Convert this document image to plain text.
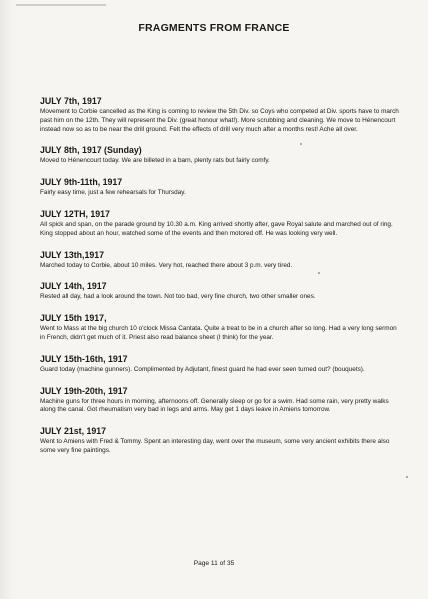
FRAGMENTS FROM FRANCE

JULY 7th, 1917

Movement to Corbie cancelled as the King is coming to review the 5th Div. so Coys who competed at Div. sports have to march past him on the 12th. They will represent the Div. (great honour what!). More scrubbing and cleaning. We move to Hénencourt instead now so as to be near the drill ground. Felt the effects of drill very much after a months rest! Ache all over.

JULY 8th, 1917 (Sunday)

Moved to Hénencourt today. We are billeted in a barn, plenty rats but fairly comfy.

JULY 9th-11th, 1917

Fairly easy time, just a few rehearsals for Thursday.

JULY 12TH, 1917

All spick and span, on the parade ground by 10.30 a.m. King arrived shortly after, gave Royal salute and marched out of ring. King stopped about an hour, watched some of the events and then motored off. He was looking very well.

JULY 13th,1917

Marched today to Corbie, about 10 miles. Very hot, reached there about 3 p.m. very tired.

JULY 14th, 1917

Rested all day, had a look around the town. Not too bad, very fine church, two other smaller ones.

JULY 15th 1917,

Went to Mass at the big church 10 o'clock Missa Cantata. Quite a treat to be in a church after so long. Had a very long sermon in French, didn't get much of it. Priest also read balance sheet (I think) for the year.

JULY 15th-16th, 1917

Guard today (machine gunners). Complimented by Adjutant, finest guard he had ever seen turned out? (bouquets).

JULY 19th-20th, 1917

Machine guns for three hours in morning, afternoons off. Generally sleep or go for a swim. Had some rain, very pretty walks along the canal. Got rheumatism very bad in legs and arms. May get 1 days leave in Amiens tomorrow.

JULY 21st, 1917

Went to Amiens with Fred & Tommy. Spent an interesting day, went over the museum, some very ancient exhibits there also some very fine paintings.

Page 11 of 35
